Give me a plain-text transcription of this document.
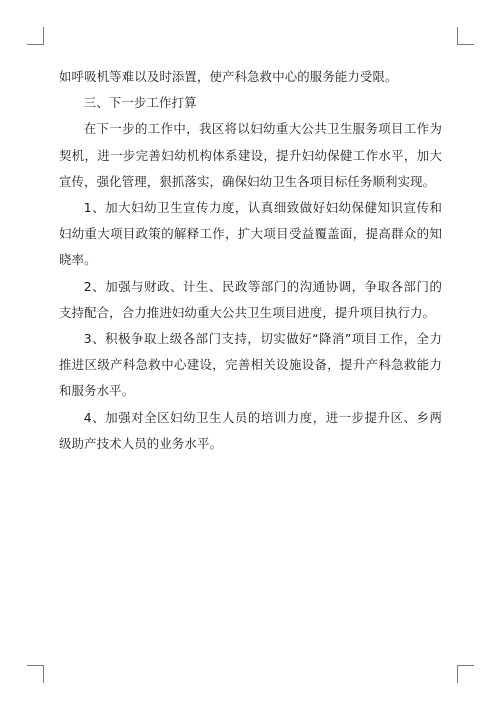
如呼吸机等难以及时添置，使产科急救中心的服务能力受限。

三、下一步工作打算

在下一步的工作中，我区将以妇幼重大公共卫生服务项目工作为契机，进一步完善妇幼机构体系建设，提升妇幼保健工作水平，加大宣传，强化管理，狠抓落实，确保妇幼卫生各项目标任务顺利实现。

1、加大妇幼卫生宣传力度，认真细致做好妇幼保健知识宣传和妇幼重大项目政策的解释工作，扩大项目受益覆盖面，提高群众的知晓率。

2、加强与财政、计生、民政等部门的沟通协调，争取各部门的支持配合，合力推进妇幼重大公共卫生项目进度，提升项目执行力。

3、积极争取上级各部门支持，切实做好“降消”项目工作，全力推进区级产科急救中心建设，完善相关设施设备，提升产科急救能力和服务水平。

4、加强对全区妇幼卫生人员的培训力度，进一步提升区、乡两级助产技术人员的业务水平。
